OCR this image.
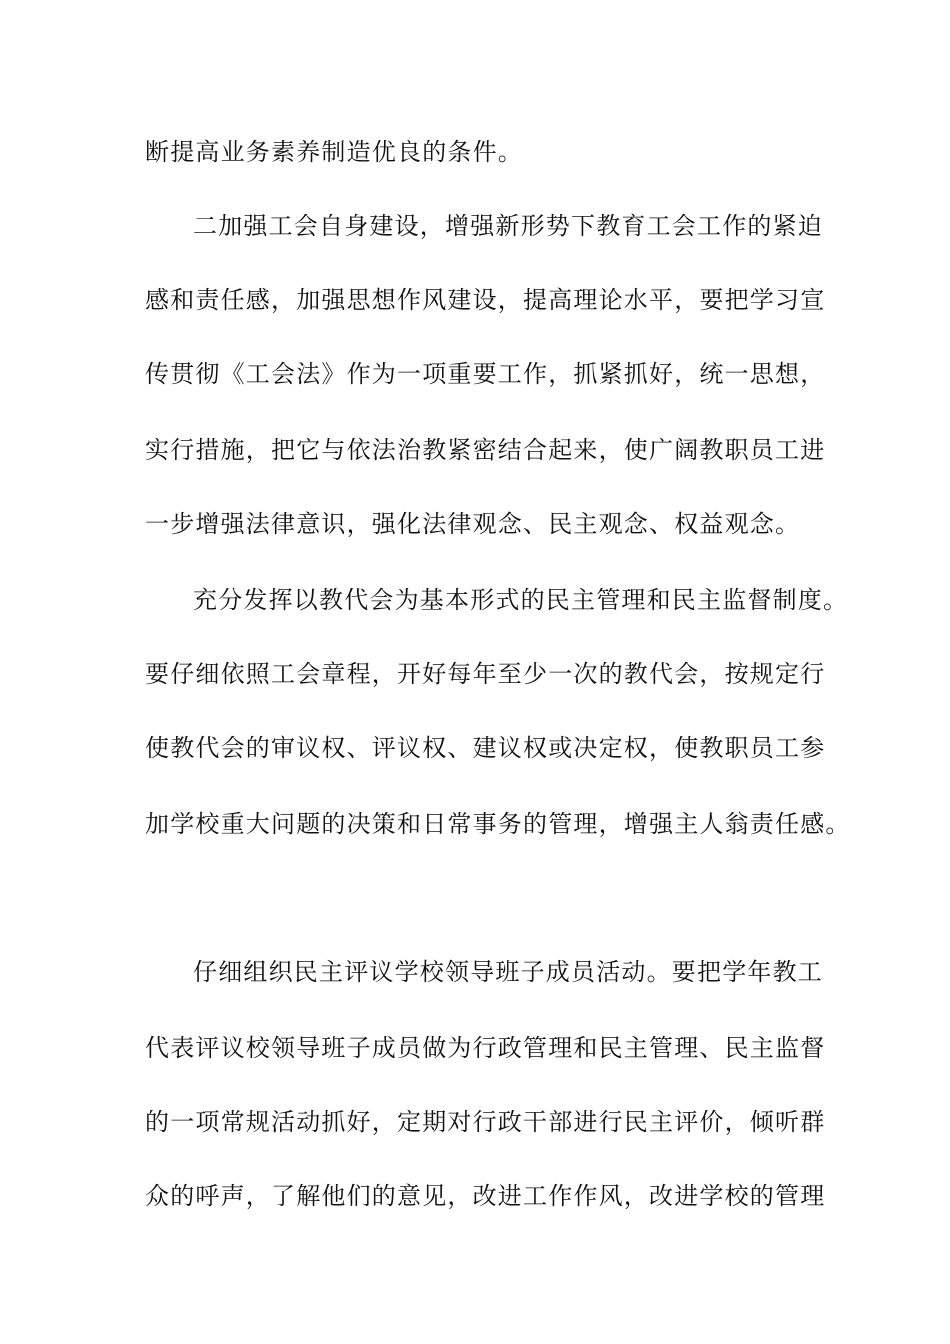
断提高业务素养制造优良的条件。
二加强工会自身建设，增强新形势下教育工会工作的紧迫
感和责任感，加强思想作风建设，提高理论水平，要把学习宣
传贯彻《工会法》作为一项重要工作，抓紧抓好，统一思想，
实行措施，把它与依法治教紧密结合起来，使广阔教职员工进
一步增强法律意识，强化法律观念、民主观念、权益观念。
充分发挥以教代会为基本形式的民主管理和民主监督制度。
要仔细依照工会章程，开好每年至少一次的教代会，按规定行
使教代会的审议权、评议权、建议权或决定权，使教职员工参
加学校重大问题的决策和日常事务的管理，增强主人翁责任感。
仔细组织民主评议学校领导班子成员活动。要把学年教工
代表评议校领导班子成员做为行政管理和民主管理、民主监督
的一项常规活动抓好，定期对行政干部进行民主评价，倾听群
众的呼声，了解他们的意见，改进工作作风，改进学校的管理
